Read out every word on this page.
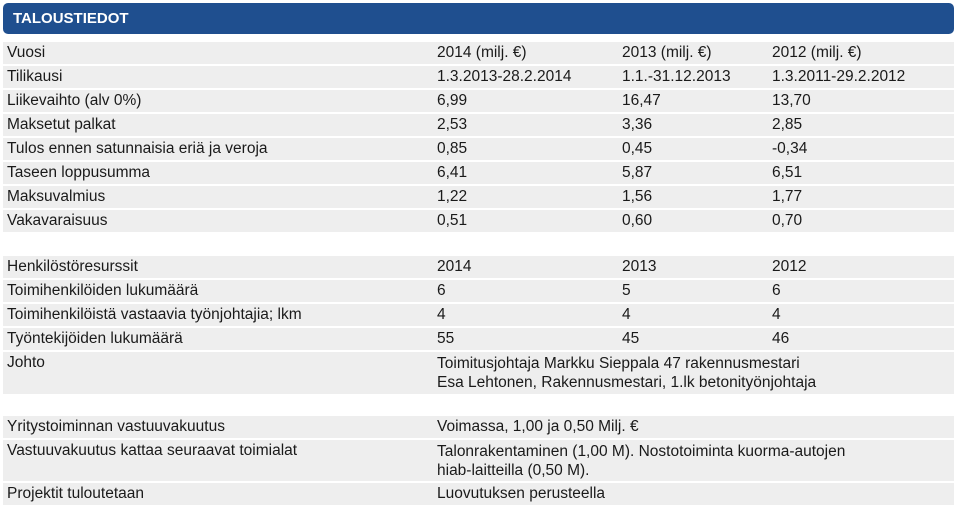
TALOUSTIEDOT
Vuosi	2014 (milj. €)	2013 (milj. €)	2012 (milj. €)
Tilikausi	1.3.2013-28.2.2014	1.1.-31.12.2013	1.3.2011-29.2.2012
Liikevaihto (alv 0%)	6,99	16,47	13,70
Maksetut palkat	2,53	3,36	2,85
Tulos ennen satunnaisia eriä ja veroja	0,85	0,45	-0,34
Taseen loppusumma	6,41	5,87	6,51
Maksuvalmius	1,22	1,56	1,77
Vakavaraisuus	0,51	0,60	0,70
Henkilöstöresurssit	2014	2013	2012
Toimihenkilöiden lukumäärä	6	5	6
Toimihenkilöistä vastaavia työnjohtajia; lkm	4	4	4
Työntekijöiden lukumäärä	55	45	46
Johto	Toimitusjohtaja Markku Sieppala 47 rakennusmestari
Esa Lehtonen, Rakennusmestari, 1.lk betonityönjohtaja
Yritystoiminnan vastuuvakuutus	Voimassa, 1,00 ja 0,50 Milj. €
Vastuuvakuutus kattaa seuraavat toimialat	Talonrakentaminen (1,00 M). Nostotoiminta kuorma-autojen
hiab-laitteilla (0,50 M).
Projektit tuloutetaan	Luovutuksen perusteella
